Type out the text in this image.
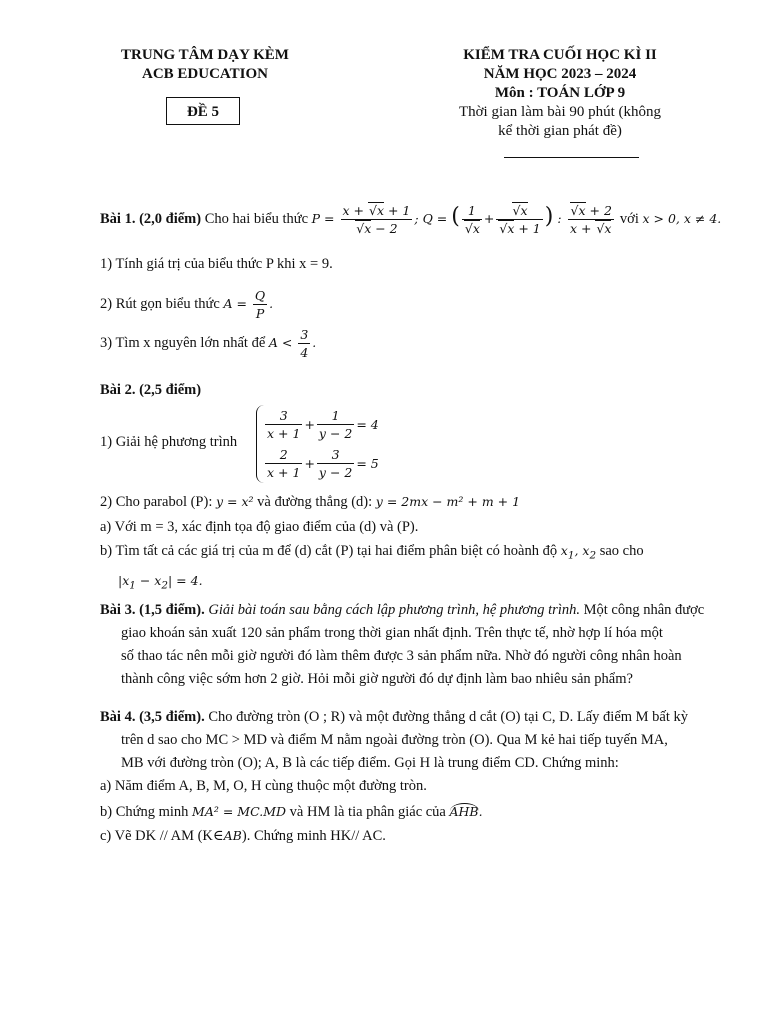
TRUNG TÂM DẠY KÈM
ACB EDUCATION
ĐỀ 5
KIỂM TRA CUỐI HỌC KÌ II
NĂM HỌC 2023 – 2024
Môn : TOÁN LỚP 9
Thời gian làm bài 90 phút (không
kể thời gian phát đề)
Bài 1. (2,0 điểm) Cho hai biểu thức P = x + √ x + 1
√ x − 2 ; Q = ( 1
√ x + √ x
√ x + 1 ) : √ $\frac{x + 2}{x + √ x}$ với x > 0, x ≠ 4.
1) Tính giá trị của biểu thức P khi x = 9.
2) Rút gọn biểu thức $A = \frac{Q}{P}$ .
3) Tìm x nguyên lớn nhất để $A < \frac{3}{4}$ .
Bài 2. (2,5 điểm)
1) Giải hệ phương trình $\frac{3}{x + 1} + \frac{1}{y - 2} = 4$
$\frac{2}{x + 1} + \frac{3}{y - 2} = 5$
2) Cho parabol (P): y = x² và đường thẳng (d): y = 2mx − m² + m + 1
a) Với m = 3, xác định tọa độ giao điểm của (d) và (P).
b) Tìm tất cả các giá trị của m để (d) cắt (P) tại hai điểm phân biệt có hoành độ $x_1$, $x_2$ sao cho
$|x_1 - x_2| = 4$.
Bài 3. (1,5 điểm). Giải bài toán sau bằng cách lập phương trình, hệ phương trình. Một công nhân được
giao khoán sản xuất 120 sản phẩm trong thời gian nhất định. Trên thực tế, nhờ hợp lí hóa một
số thao tác nên mỗi giờ người đó làm thêm được 3 sản phẩm nữa. Nhờ đó người công nhân hoàn
thành công việc sớm hơn 2 giờ. Hỏi mỗi giờ người đó dự định làm bao nhiêu sản phẩm?
Bài 4. (3,5 điểm). Cho đường tròn (O ; R) và một đường thẳng d cắt (O) tại C, D. Lấy điểm M bất kỳ
trên d sao cho MC > MD và điểm M nằm ngoài đường tròn (O). Qua M kẻ hai tiếp tuyến MA,
MB với đường tròn (O); A, B là các tiếp điểm. Gọi H là trung điểm CD. Chứng minh:
a) Năm điểm A, B, M, O, H cùng thuộc một đường tròn.
b) Chứng minh MA² = MC.MD và HM là tia phân giác của AHB.
c) Vẽ DK // AM (K∈AB). Chứng minh HK// AC.
